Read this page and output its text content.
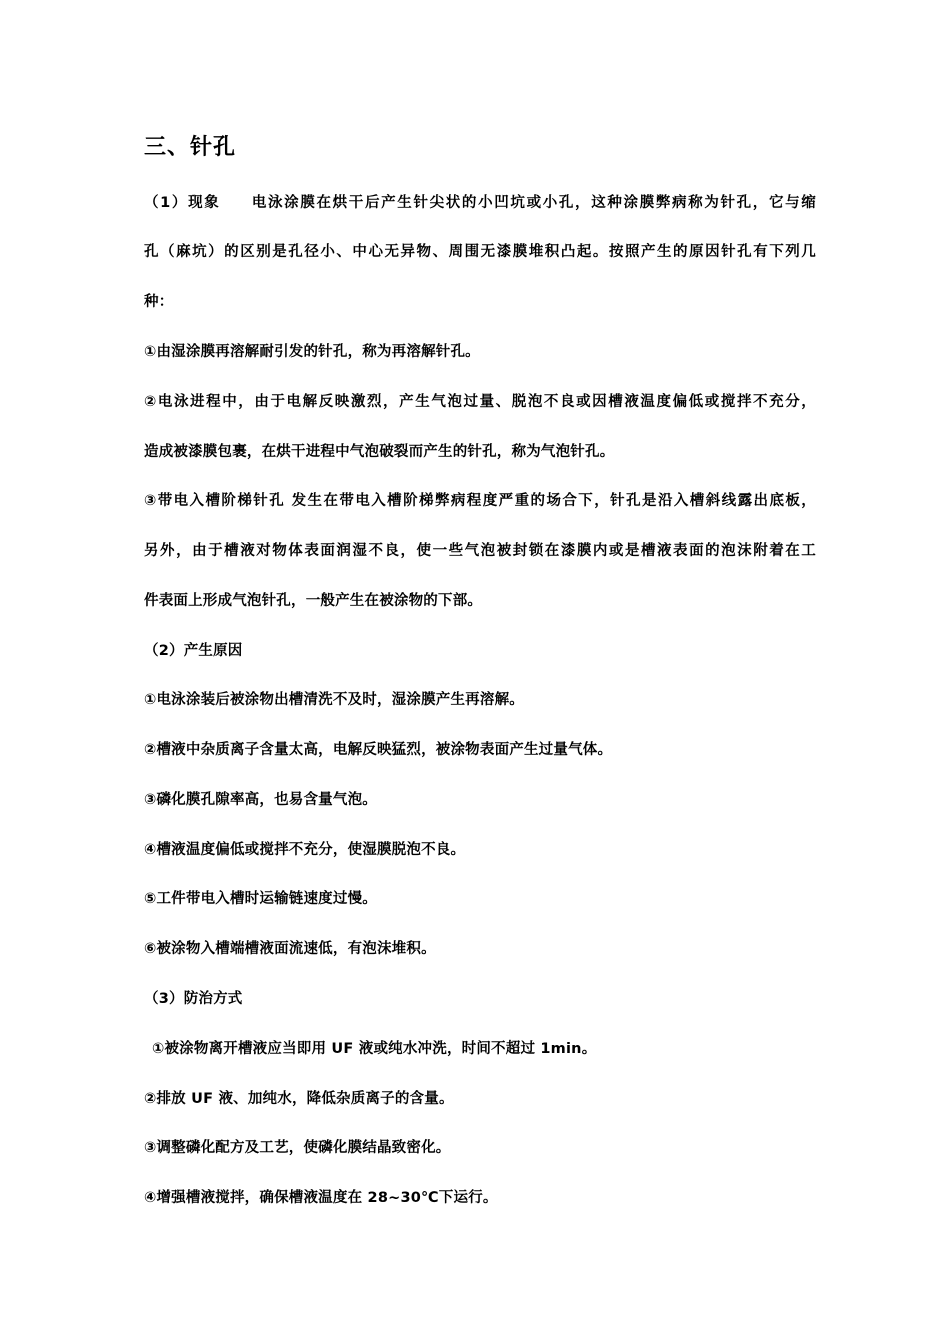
三、针孔
（1）现象 电泳涂膜在烘干后产生针尖状的小凹坑或小孔，这种涂膜弊病称为针孔，它与缩
孔（麻坑）的区别是孔径小、中心无异物、周围无漆膜堆积凸起。按照产生的原因针孔有下列几
种：
①由湿涂膜再溶解耐引发的针孔，称为再溶解针孔。
②电泳进程中，由于电解反映激烈，产生气泡过量、脱泡不良或因槽液温度偏低或搅拌不充分，
造成被漆膜包裹，在烘干进程中气泡破裂而产生的针孔，称为气泡针孔。
③带电入槽阶梯针孔 发生在带电入槽阶梯弊病程度严重的场合下，针孔是沿入槽斜线露出底板，
另外，由于槽液对物体表面润湿不良，使一些气泡被封锁在漆膜内或是槽液表面的泡沫附着在工
件表面上形成气泡针孔，一般产生在被涂物的下部。
（2）产生原因
①电泳涂装后被涂物出槽清洗不及时，湿涂膜产生再溶解。
②槽液中杂质离子含量太高，电解反映猛烈，被涂物表面产生过量气体。
③磷化膜孔隙率高，也易含量气泡。
④槽液温度偏低或搅拌不充分，使湿膜脱泡不良。
⑤工件带电入槽时运输链速度过慢。
⑥被涂物入槽端槽液面流速低，有泡沫堆积。
（3）防治方式
①被涂物离开槽液应当即用 UF 液或纯水冲洗，时间不超过 1min。
②排放 UF 液、加纯水，降低杂质离子的含量。
③调整磷化配方及工艺，使磷化膜结晶致密化。
④增强槽液搅拌，确保槽液温度在 28~30℃下运行。
